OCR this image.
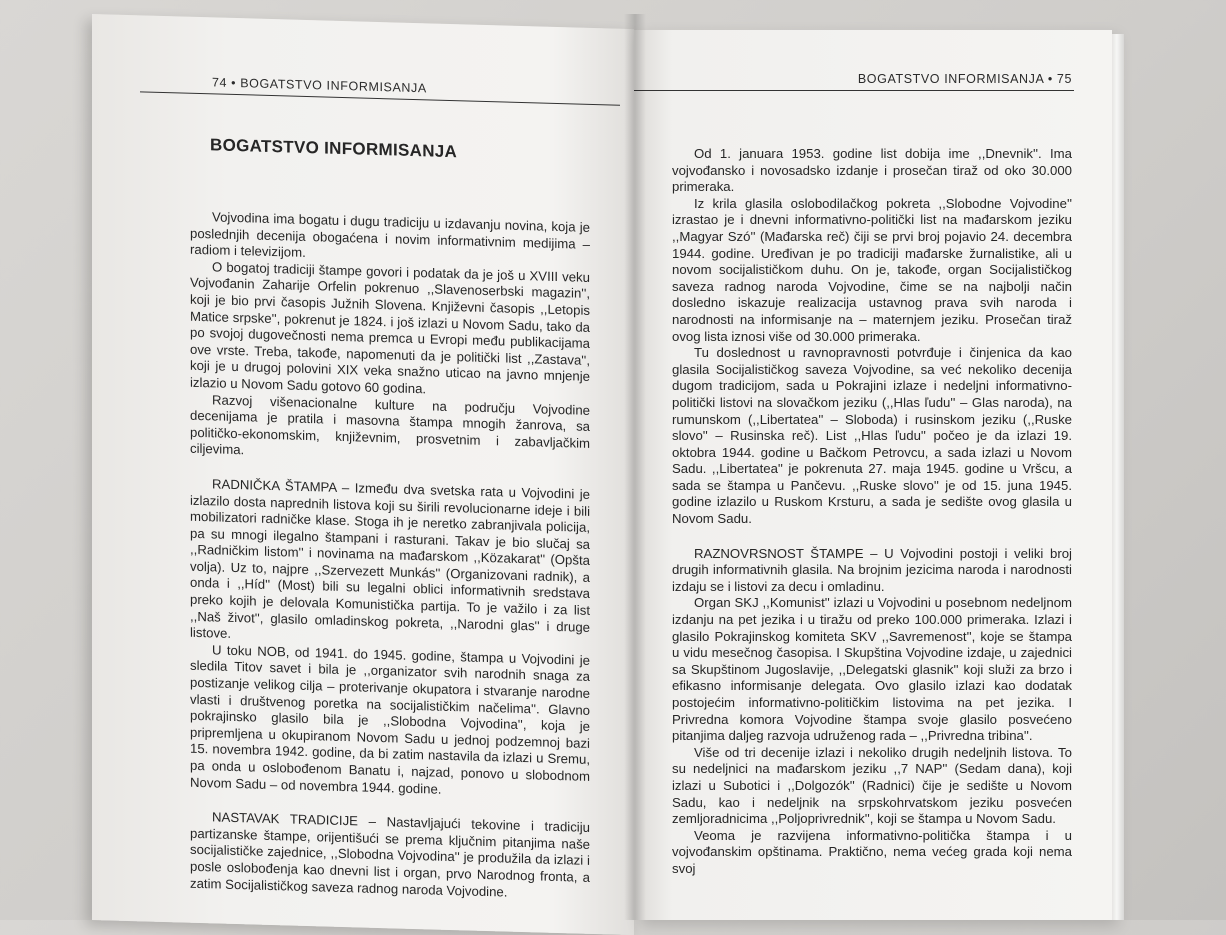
74 • BOGATSTVO INFORMISANJA
BOGATSTVO INFORMISANJA

Vojvodina ima bogatu i dugu tradiciju u izdavanju novina, koja je poslednjih decenija obogaćena i novim informativnim medijima – radiom i televizijom.

O bogatoj tradiciji štampe govori i podatak da je još u XVIII veku Vojvođanin Zaharije Orfelin pokrenuo ,,Slavenoserbski magazin'', koji je bio prvi časopis Južnih Slovena. Književni časopis ,,Letopis Matice srpske'', pokrenut je 1824. i još izlazi u Novom Sadu, tako da po svojoj dugovečnosti nema premca u Evropi među publikacijama ove vrste. Treba, takođe, napomenuti da je politički list ,,Zastava'', koji je u drugoj polovini XIX veka snažno uticao na javno mnjenje izlazio u Novom Sadu gotovo 60 godina.

Razvoj višenacionalne kulture na području Vojvodine decenijama je pratila i masovna štampa mnogih žanrova, sa političko-ekonomskim, književnim, prosvetnim i zabavljačkim ciljevima.

RADNIČKA ŠTAMPA – Između dva svetska rata u Vojvodini je izlazilo dosta naprednih listova koji su širili revolucionarne ideje i bili mobilizatori radničke klase. Stoga ih je neretko zabranjivala policija, pa su mnogi ilegalno štampani i rasturani. Takav je bio slučaj sa ,,Radničkim listom'' i novinama na mađarskom ,,Közakarat'' (Opšta volja). Uz to, najpre ,,Szervezett Munkás'' (Organizovani radnik), a onda i ,,Híd'' (Most) bili su legalni oblici informativnih sredstava preko kojih je delovala Komunistička partija. To je važilo i za list ,,Naš život'', glasilo omladinskog pokreta, ,,Narodni glas'' i druge listove.

U toku NOB, od 1941. do 1945. godine, štampa u Vojvodini je sledila Titov savet i bila je ,,organizator svih narodnih snaga za postizanje velikog cilja – proterivanje okupatora i stvaranje narodne vlasti i društvenog poretka na socijalističkim načelima''. Glavno pokrajinsko glasilo bila je ,,Slobodna Vojvodina'', koja je pripremljena u okupiranom Novom Sadu u jednoj podzemnoj bazi 15. novembra 1942. godine, da bi zatim nastavila da izlazi u Sremu, pa onda u oslobođenom Banatu i, najzad, ponovo u slobodnom Novom Sadu – od novembra 1944. godine.

NASTAVAK TRADICIJE – Nastavljajući tekovine i tradiciju partizanske štampe, orijentišući se prema ključnim pitanjima naše socijalističke zajednice, ,,Slobodna Vojvodina'' je produžila da izlazi i posle oslobođenja kao dnevni list i organ, prvo Narodnog fronta, a zatim Socijalističkog saveza radnog naroda Vojvodine.

BOGATSTVO INFORMISANJA • 75

Od 1. januara 1953. godine list dobija ime ,,Dnevnik''. Ima vojvođansko i novosadsko izdanje i prosečan tiraž od oko 30.000 primeraka.

Iz krila glasila oslobodilačkog pokreta ,,Slobodne Vojvodine'' izrastao je i dnevni informativno-politički list na mađarskom jeziku ,,Magyar Szó'' (Mađarska reč) čiji se prvi broj pojavio 24. decembra 1944. godine. Uređivan je po tradiciji mađarske žurnalistike, ali u novom socijalističkom duhu. On je, takođe, organ Socijalističkog saveza radnog naroda Vojvodine, čime se na najbolji način dosledno iskazuje realizacija ustavnog prava svih naroda i narodnosti na informisanje na – maternjem jeziku. Prosečan tiraž ovog lista iznosi više od 30.000 primeraka.

Tu doslednost u ravnopravnosti potvrđuje i činjenica da kao glasila Socijalističkog saveza Vojvodine, sa već nekoliko decenija dugom tradicijom, sada u Pokrajini izlaze i nedeljni informativno-politički listovi na slovačkom jeziku (,,Hlas ľudu'' – Glas naroda), na rumunskom (,,Libertatea'' – Sloboda) i rusinskom jeziku (,,Ruske slovo'' – Rusinska reč). List ,,Hlas ľudu'' počeo je da izlazi 19. oktobra 1944. godine u Bačkom Petrovcu, a sada izlazi u Novom Sadu. ,,Libertatea'' je pokrenuta 27. maja 1945. godine u Vršcu, a sada se štampa u Pančevu. ,,Ruske slovo'' je od 15. juna 1945. godine izlazilo u Ruskom Krsturu, a sada je sedište ovog glasila u Novom Sadu.

RAZNOVRSNOST ŠTAMPE – U Vojvodini postoji i veliki broj drugih informativnih glasila. Na brojnim jezicima naroda i narodnosti izdaju se i listovi za decu i omladinu.

Organ SKJ ,,Komunist'' izlazi u Vojvodini u posebnom nedeljnom izdanju na pet jezika i u tiražu od preko 100.000 primeraka. Izlazi i glasilo Pokrajinskog komiteta SKV ,,Savremenost'', koje se štampa u vidu mesečnog časopisa. I Skupština Vojvodine izdaje, u zajednici sa Skupštinom Jugoslavije, ,,Delegatski glasnik'' koji služi za brzo i efikasno informisanje delegata. Ovo glasilo izlazi kao dodatak postojećim informativno-političkim listovima na pet jezika. I Privredna komora Vojvodine štampa svoje glasilo posvećeno pitanjima daljeg razvoja udruženog rada – ,,Privredna tribina''.

Više od tri decenije izlazi i nekoliko drugih nedeljnih listova. To su nedeljnici na mađarskom jeziku ,,7 NAP'' (Sedam dana), koji izlazi u Subotici i ,,Dolgozók'' (Radnici) čije je sedište u Novom Sadu, kao i nedeljnik na srpskohrvatskom jeziku posvećen zemljoradnicima ,,Poljoprivrednik'', koji se štampa u Novom Sadu.

Veoma je razvijena informativno-politička štampa i u vojvođanskim opštinama. Praktično, nema većeg grada koji nema svoj
